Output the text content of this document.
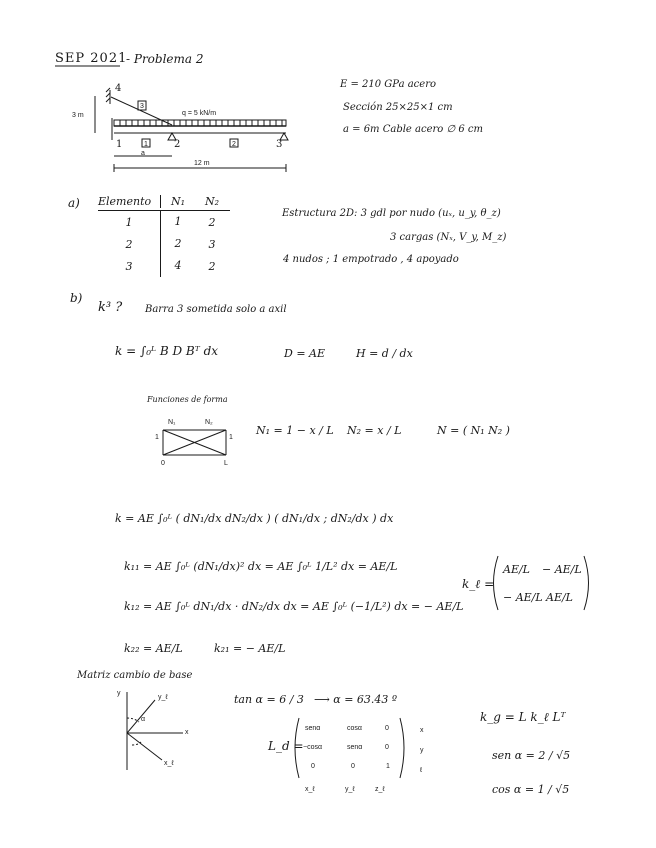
SEP 2021
- Problema 2
4
3
q = 5 kN/m
3 m
1	1	2	2	3
a
12 m
E = 210 GPa acero
Sección 25×25×1 cm
a = 6m Cable acero ∅ 6 cm
a) Elemento	N₁	N₂
1	1	2
2	2	3
3	4	2
Estructura 2D: 3 gdl por nudo (uₓ, u_y, θ_z)
3 cargas (Nₓ, V_y, M_z)
4 nudos ; 1 empotrado , 4 apoyado
b)
k³ ? Barra 3 sometida solo a axil
k = ∫₀ᴸ B D Bᵀ dx	D = AE	H = d / dx
Funciones de forma
N₁	N₂
1	1
0	L
N₁ = 1 − x / L N₂ = x / L	N = ( N₁ N₂ )
k = AE ∫₀ᴸ ( dN₁/dx dN₂/dx ) ( dN₁/dx ; dN₂/dx ) dx
k₁₁ = AE ∫₀ᴸ (dN₁/dx)² dx = AE ∫₀ᴸ 1/L² dx = AE/L
k₁₂ = AE ∫₀ᴸ dN₁/dx · dN₂/dx dx = AE ∫₀ᴸ (−1/L²) dx = − AE/L
k₂₂ = AE/L	k₂₁ = − AE/L
k_ℓ =
AE/L − AE/L
− AE/L AE/L
Matriz cambio de base
y
y_ℓ
x
x_ℓ
α
tan α = 6 / 3 ⟶ α = 63.43 º
L_d =
senα	cosα	0
−cosα	senα	0
0	0	1
x_ℓ	y_ℓ	z_ℓ
x
y
ℓ
k_g = L k_ℓ Lᵀ
sen α = 2 / √5
cos α = 1 / √5
